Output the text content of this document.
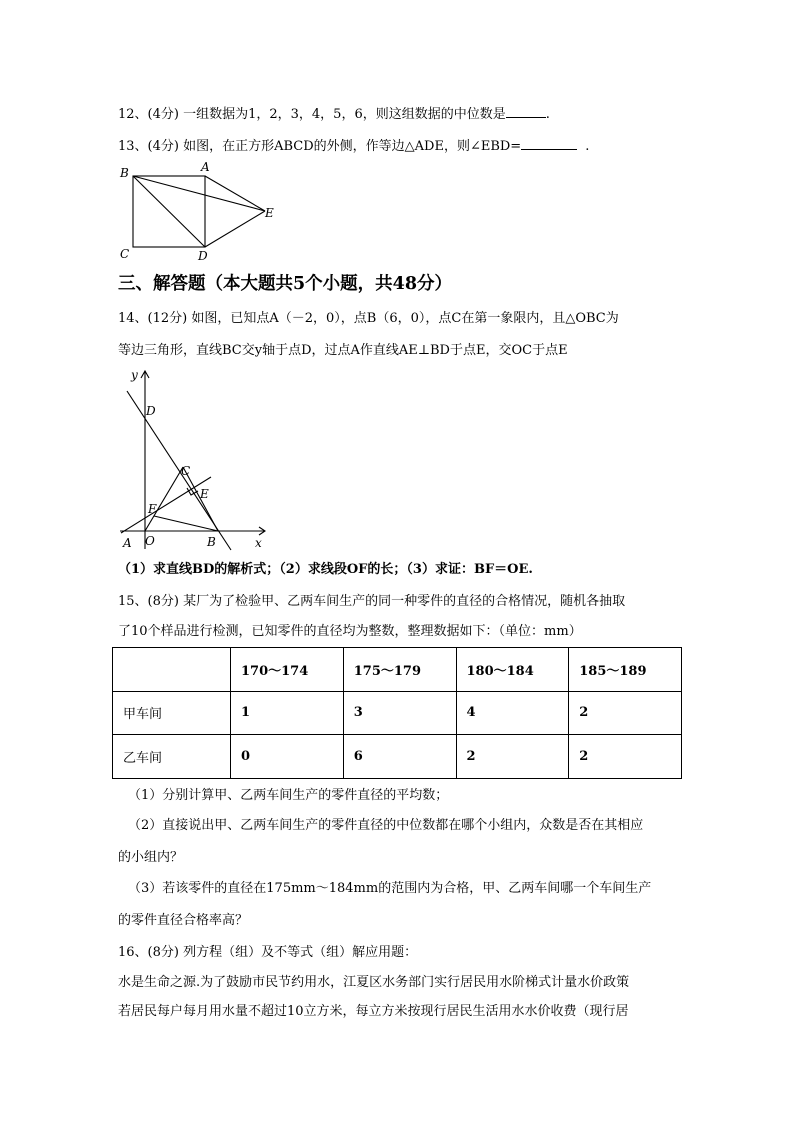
12、(4分) 一组数据为1，2，3，4，5，6，则这组数据的中位数是	.
13、(4分) 如图，在正方形ABCD的外侧，作等边△ADE，则∠EBD=	.
B	A
E
C	D
三、解答题（本大题共5个小题，共48分）
14、(12分) 如图，已知点A（－2，0），点B（6，0），点C在第一象限内，且△OBC为
等边三角形，直线BC交y轴于点D，过点A作直线AE⊥BD于点E，交OC于点E
y
x
D
C
E
F
A O	B
（1）求直线BD的解析式；（2）求线段OF的长；（3）求证：BF＝OE.
15、(8分) 某厂为了检验甲、乙两车间生产的同一种零件的直径的合格情况，随机各抽取
了10个样品进行检测，已知零件的直径均为整数，整理数据如下：（单位：mm）
	170～174	175～179	180～184	185～189
甲车间	1	3	4	2
乙车间	0	6	2	2
（1）分别计算甲、乙两车间生产的零件直径的平均数；
（2）直接说出甲、乙两车间生产的零件直径的中位数都在哪个小组内，众数是否在其相应
的小组内？
（3）若该零件的直径在175mm～184mm的范围内为合格，甲、乙两车间哪一个车间生产
的零件直径合格率高？
16、(8分) 列方程（组）及不等式（组）解应用题：
水是生命之源.为了鼓励市民节约用水，江夏区水务部门实行居民用水阶梯式计量水价政策
若居民每户每月用水量不超过10立方米，每立方米按现行居民生活用水水价收费（现行居
